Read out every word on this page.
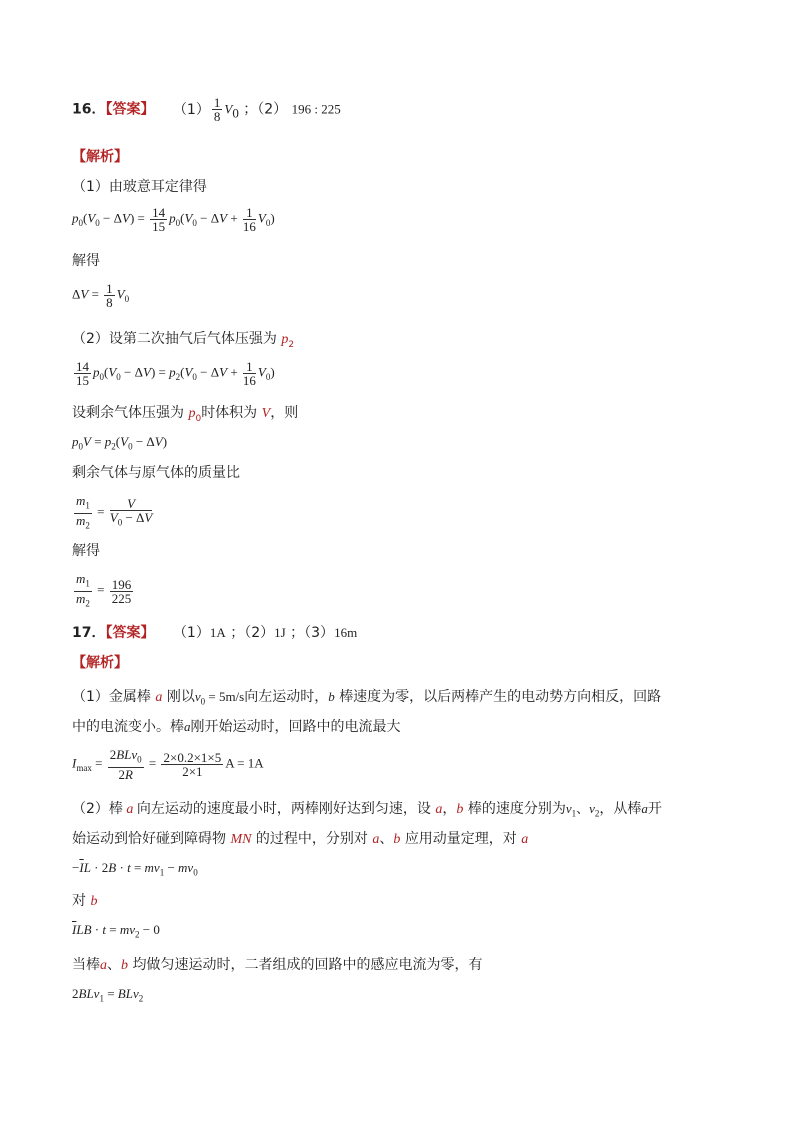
16．【答案】 $(1) \frac{1}{8} V_0$ ；（2） 196 : 225
【解析】
（1）由玻意耳定律得
$p_0(V_0 - \Delta V) = \frac{14}{15} p_0(V_0 - \Delta V + \frac{1}{16} V_0)$
解得
$\Delta V = \frac{1}{8} V_0$
（2）设第二次抽气后气体压强为 $p_2$
$\frac{14}{15} p_0(V_0 - \Delta V) = p_2(V_0 - \Delta V + \frac{1}{16} V_0)$
设剩余气体压强为 $p_0$时体积为 V，则
$p_0V = p_2(V_0 - \Delta V)$
剩余气体与原气体的质量比
$\frac{m_1}{m_2} = \frac{V}{V_0 - \Delta V}$
解得
$\frac{m_1}{m_2} = \frac{196}{225}$
17．【答案】 （1）1A ；（2）1J ；（3）16m
【解析】
（1）金属棒 a 刚以$v_0 = 5m/s$向左运动时，b 棒速度为零，以后两棒产生的电动势方向相反，回路
中的电流变小。棒a刚开始运动时，回路中的电流最大
$I_{max} = \frac{2BLv_0}{2R} = \frac{2\times 0.2\times 1\times 5}{2\times 1}$ A = 1A
（2）棒 a 向左运动的速度最小时，两棒刚好达到匀速，设 a，b 棒的速度分别为$v_1$、$v_2$，从棒a开
始运动到恰好碰到障碍物 MN 的过程中，分别对 a、b 应用动量定理，对 a
$-\overline{I}L \cdot 2B \cdot t = mv_1 - mv_0$
对 b
$\overline{I}LB \cdot t = mv_2 - 0$
当棒a、b 均做匀速运动时，二者组成的回路中的感应电流为零，有
2BLv$_1$ = BLv$_2$
